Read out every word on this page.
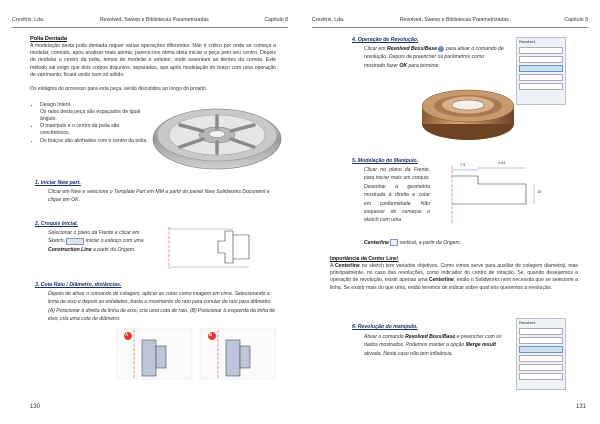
Cresttrix, Lda.	Revolved, Sweep e Bibliotecas Parametrizadas	Capítulo 8
Polia Dentada
A modelação desta polia dentada requer várias operações diferentes. Não é crítico por onde se começa a modelar, contudo, após analisar mais atenta, parece-nos ótima ideia iniciar a peça pelo seu centro. Depois de modelar o centro da polia, temos de modelar o exterior, onde assentam as dentes da correia. Este método vai exigir que dois corpos disjuntos, separados, que após modelação do braço com uma operação de varrimento, ficará unido num só sólido.
Os estágios do processo para esta peça, serão discutidos ao longo do projeto.
• Design Intent.
Os raios desta peça são espaçados de igual ângulo.
• O manípulo e o centro da polia são concêntricos.
• Os braços são alinhados com o centro da polia.
1. Iniciar New part.
Clicar em New e selecione o Template Part em MM a partir do painel New Solidworks Document e clique em OK.
2. Croquis Inicial.
Selecionar o plano da Frente e clicar em Sketch,	iniciar o esboço com uma Construction Line a partir da Origem.
3. Cota Raio / Diâmetro, distâncias.
Depois de ativar o comando de cotagem, aplicar as cotas como imagem em cima. Selecionando a linha de eixo e depois as entidades, basta o movimento do rato para conular de raio para diâmetro. (A) Posicionar à direita da linha de eixo, cria uma cota de raio. (B) Posicionar à esquerda da linha de eixo, cria uma cota de diâmetro.
A	B
130
Cresttrix, Lda.	Revolved, Sweep e Bibliotecas Parametrizadas	Capítulo 8
4. Operação de Revolução.
Clicar em Revolved Boss/Base para ativar o comando de revolução. Depois de preencher os parâmetros como mostrado fazer OK para terminar.
Revolve1
5. Modelação do Manípulo.
Clicar no plano da Frente, para iniciar mais um croquis. Desenhar a geometria mostrada à direita e cotar em conformidade. Não esquecer de começar o sketch com uma
Centerline vertical, a partir da Origem.
7.5	4.64
15
Importância da Center Line!
A Centerline no sketch tem variados objetivos. Como vimos serve para auxiliar de cotagem diametral, mas principalmente, no caso das revoluções, como indicador do centro de rotação. Se, quando desejarmos a operação de revolução, existir apenas uma Centerline, então o Solidworks nem necessita que se selecione a linha. Se existir mais do que uma, então teremos de indicar sobre qual nós queremos a revolução.
6. Revolução do manípulo.
Ativar o comando Revolved Boss/Base e preencher com os dados mostrados. Podemos manter a opção Merge result ativada. Neste caso não tem influência.
Revolve1
131
